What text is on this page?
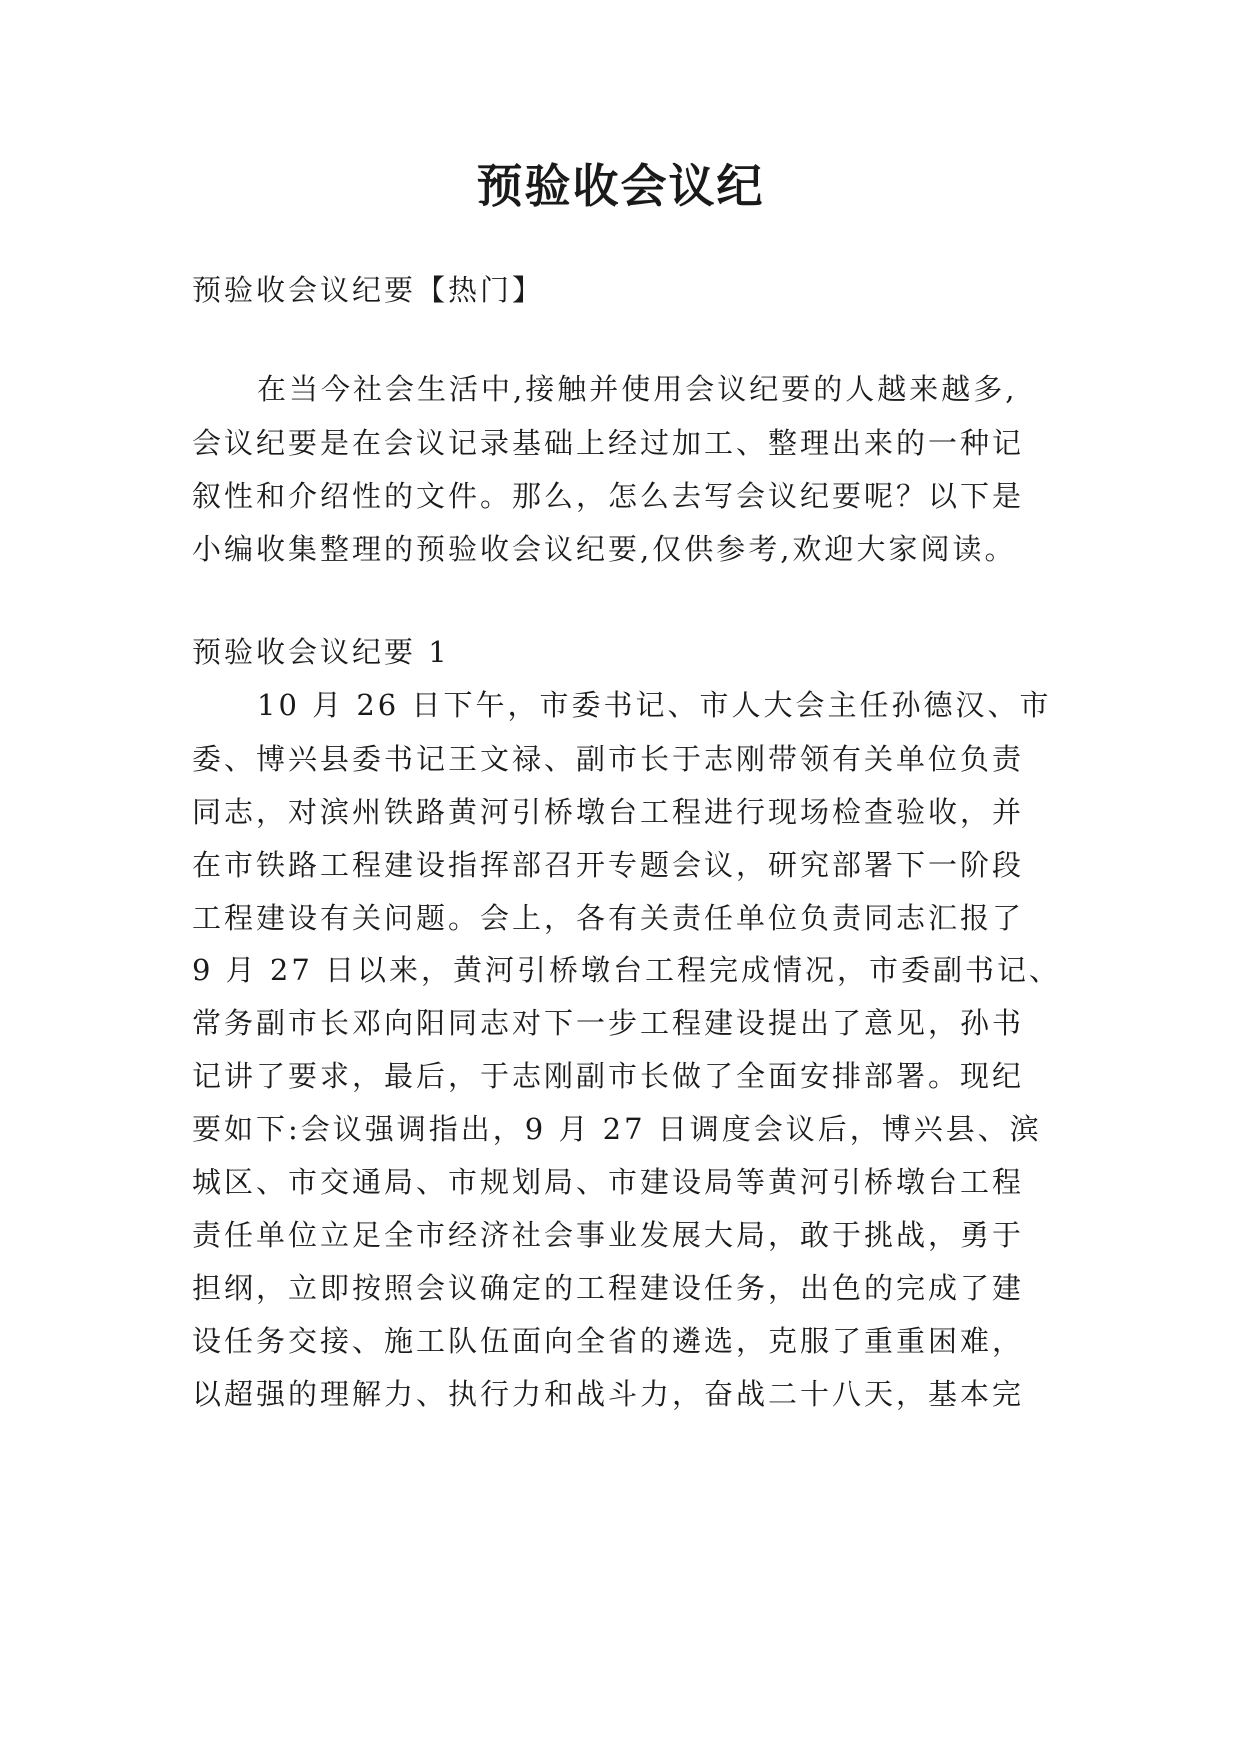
预验收会议纪
预验收会议纪要【热门】
在当今社会生活中,接触并使用会议纪要的人越来越多,
会议纪要是在会议记录基础上经过加工、整理出来的一种记
叙性和介绍性的文件。那么，怎么去写会议纪要呢？以下是
小编收集整理的预验收会议纪要,仅供参考,欢迎大家阅读。
预验收会议纪要 1
10 月 26 日下午，市委书记、市人大会主任孙德汉、市
委、博兴县委书记王文禄、副市长于志刚带领有关单位负责
同志，对滨州铁路黄河引桥墩台工程进行现场检查验收，并
在市铁路工程建设指挥部召开专题会议，研究部署下一阶段
工程建设有关问题。会上，各有关责任单位负责同志汇报了
9 月 27 日以来，黄河引桥墩台工程完成情况，市委副书记、
常务副市长邓向阳同志对下一步工程建设提出了意见，孙书
记讲了要求，最后，于志刚副市长做了全面安排部署。现纪
要如下:会议强调指出，9 月 27 日调度会议后，博兴县、滨
城区、市交通局、市规划局、市建设局等黄河引桥墩台工程
责任单位立足全市经济社会事业发展大局，敢于挑战，勇于
担纲，立即按照会议确定的工程建设任务，出色的完成了建
设任务交接、施工队伍面向全省的遴选，克服了重重困难，
以超强的理解力、执行力和战斗力，奋战二十八天，基本完
